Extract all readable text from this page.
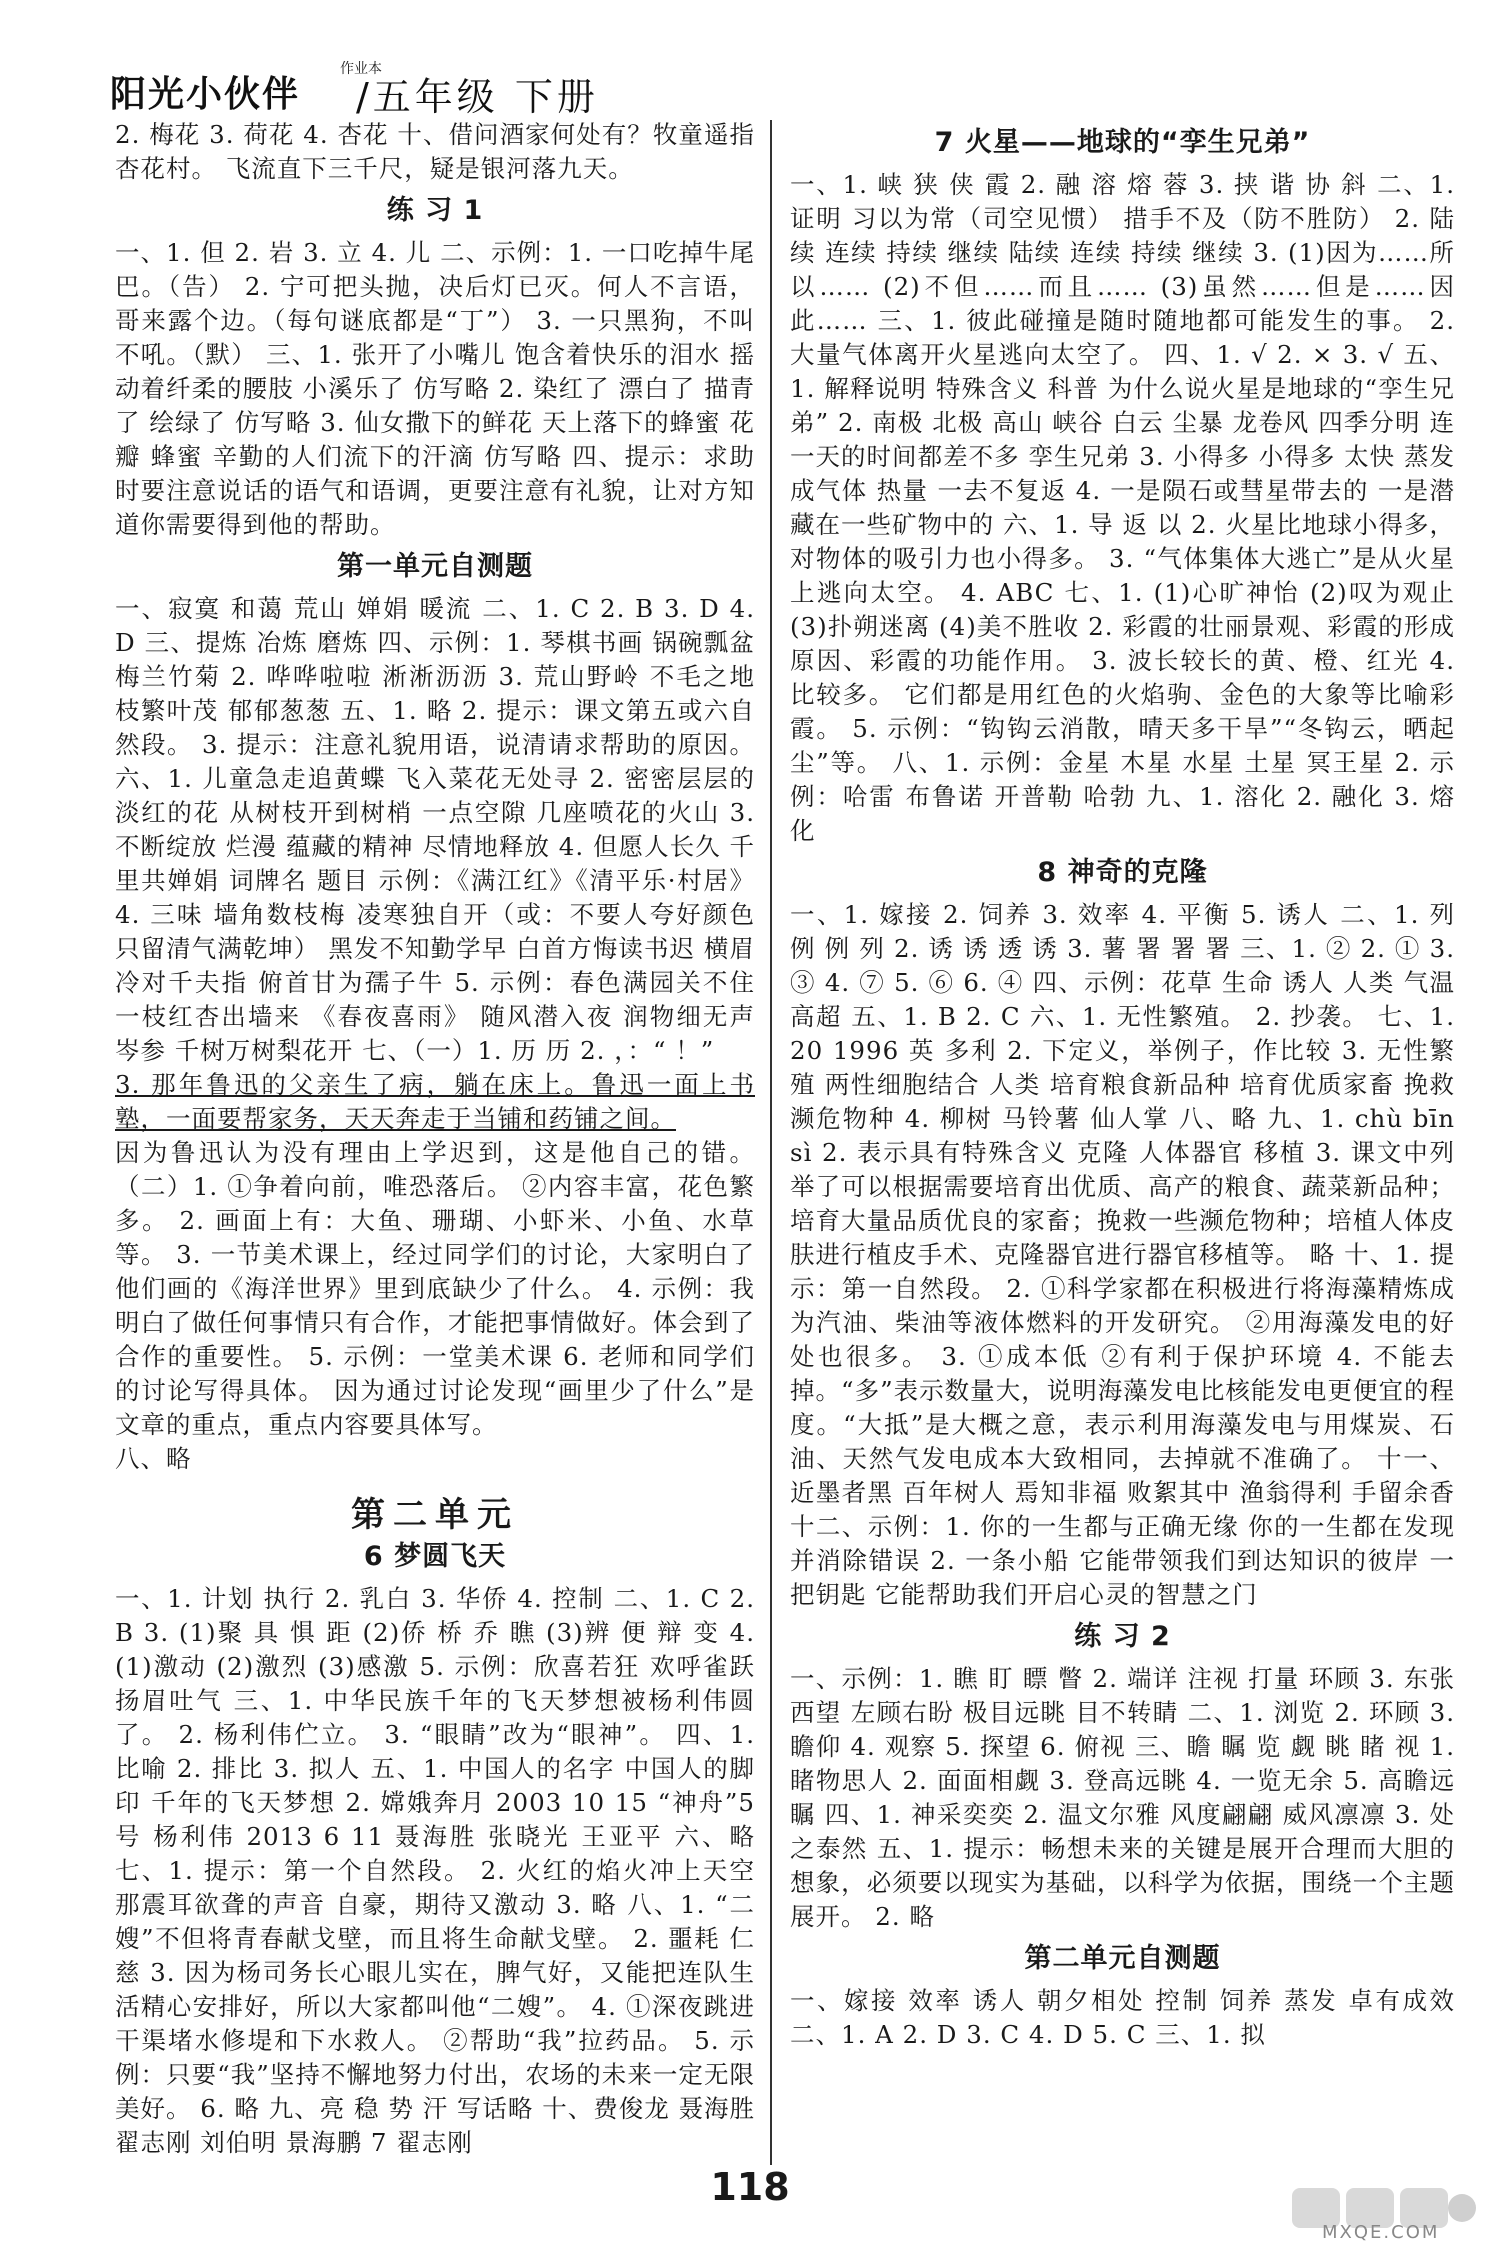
阳光小伙伴
作业本
/五年级 下册

2. 梅花 3. 荷花 4. 杏花 十、借问酒家何处有？牧童遥指杏花村。 飞流直下三千尺，疑是银河落九天。

练 习 1

一、1. 但 2. 岩 3. 立 4. 儿 二、示例：1. 一口吃掉牛尾巴。（告） 2. 宁可把头抛，决后灯已灭。何人不言语，哥来露个边。（每句谜底都是“丁”） 3. 一只黑狗，不叫不吼。（默） 三、1. 张开了小嘴儿 饱含着快乐的泪水 摇动着纤柔的腰肢 小溪乐了 仿写略 2. 染红了 漂白了 描青了 绘绿了 仿写略 3. 仙女撒下的鲜花 天上落下的蜂蜜 花瓣 蜂蜜 辛勤的人们流下的汗滴 仿写略 四、提示：求助时要注意说话的语气和语调，更要注意有礼貌，让对方知道你需要得到他的帮助。

第一单元自测题

一、寂寞 和蔼 荒山 婵娟 暖流 二、1. C 2. B 3. D 4. D 三、提炼 冶炼 磨炼 四、示例：1. 琴棋书画 锅碗瓢盆 梅兰竹菊 2. 哗哗啦啦 淅淅沥沥 3. 荒山野岭 不毛之地 枝繁叶茂 郁郁葱葱 五、1. 略 2. 提示：课文第五或六自然段。 3. 提示：注意礼貌用语，说清请求帮助的原因。 六、1. 儿童急走追黄蝶 飞入菜花无处寻 2. 密密层层的淡红的花 从树枝开到树梢 一点空隙 几座喷花的火山 3. 不断绽放 烂漫 蕴藏的精神 尽情地释放 4. 但愿人长久 千里共婵娟 词牌名 题目 示例：《满江红》《清平乐·村居》 4. 三味 墙角数枝梅 凌寒独自开（或：不要人夸好颜色 只留清气满乾坤） 黑发不知勤学早 白首方悔读书迟 横眉冷对千夫指 俯首甘为孺子牛 5. 示例：春色满园关不住 一枝红杏出墙来 《春夜喜雨》 随风潜入夜 润物细无声 岑参 千树万树梨花开 七、（一）1. 历 历 2. ，：“ ！”

3. 那年鲁迅的父亲生了病，躺在床上。鲁迅一面上书塾，一面要帮家务，天天奔走于当铺和药铺之间。

因为鲁迅认为没有理由上学迟到，这是他自己的错。 （二）1. ①争着向前，唯恐落后。 ②内容丰富，花色繁多。 2. 画面上有：大鱼、珊瑚、小虾米、小鱼、水草等。 3. 一节美术课上，经过同学们的讨论，大家明白了他们画的《海洋世界》里到底缺少了什么。 4. 示例：我明白了做任何事情只有合作，才能把事情做好。体会到了合作的重要性。 5. 示例：一堂美术课 6. 老师和同学们的讨论写得具体。 因为通过讨论发现“画里少了什么”是文章的重点，重点内容要具体写。

八、略

第二单元
6 梦圆飞天

一、1. 计划 执行 2. 乳白 3. 华侨 4. 控制 二、1. C 2. B 3. (1)聚 具 惧 距 (2)侨 桥 乔 瞧 (3)辨 便 辩 变 4. (1)激动 (2)激烈 (3)感激 5. 示例：欣喜若狂 欢呼雀跃 扬眉吐气 三、1. 中华民族千年的飞天梦想被杨利伟圆了。 2. 杨利伟伫立。 3. “眼睛”改为“眼神”。 四、1. 比喻 2. 排比 3. 拟人 五、1. 中国人的名字 中国人的脚印 千年的飞天梦想 2. 嫦娥奔月 2003 10 15 “神舟”5号 杨利伟 2013 6 11 聂海胜 张晓光 王亚平 六、略 七、1. 提示：第一个自然段。 2. 火红的焰火冲上天空 那震耳欲聋的声音 自豪，期待又激动 3. 略 八、1. “二嫂”不但将青春献戈壁，而且将生命献戈壁。 2. 噩耗 仁慈 3. 因为杨司务长心眼儿实在，脾气好，又能把连队生活精心安排好，所以大家都叫他“二嫂”。 4. ①深夜跳进干渠堵水修堤和下水救人。 ②帮助“我”拉药品。 5. 示例：只要“我”坚持不懈地努力付出，农场的未来一定无限美好。 6. 略 九、亮 稳 势 汗 写话略 十、费俊龙 聂海胜 翟志刚 刘伯明 景海鹏 7 翟志刚

7 火星——地球的“孪生兄弟”

一、1. 峡 狭 侠 霞 2. 融 溶 熔 蓉 3. 挟 谐 协 斜 二、1. 证明 习以为常（司空见惯） 措手不及（防不胜防） 2. 陆续 连续 持续 继续 陆续 连续 持续 继续 3. (1)因为……所以…… (2)不但……而且…… (3)虽然……但是……因此…… 三、1. 彼此碰撞是随时随地都可能发生的事。 2. 大量气体离开火星逃向太空了。 四、1. √ 2. × 3. √ 五、1. 解释说明 特殊含义 科普 为什么说火星是地球的“孪生兄弟” 2. 南极 北极 高山 峡谷 白云 尘暴 龙卷风 四季分明 连一天的时间都差不多 孪生兄弟 3. 小得多 小得多 太快 蒸发成气体 热量 一去不复返 4. 一是陨石或彗星带去的 一是潜藏在一些矿物中的 六、1. 导 返 以 2. 火星比地球小得多，对物体的吸引力也小得多。 3. “气体集体大逃亡”是从火星上逃向太空。 4. ABC 七、1. (1)心旷神怡 (2)叹为观止 (3)扑朔迷离 (4)美不胜收 2. 彩霞的壮丽景观、彩霞的形成原因、彩霞的功能作用。 3. 波长较长的黄、橙、红光 4. 比较多。 它们都是用红色的火焰驹、金色的大象等比喻彩霞。 5. 示例：“钩钩云消散，晴天多干旱”“冬钩云，晒起尘”等。 八、1. 示例：金星 木星 水星 土星 冥王星 2. 示例：哈雷 布鲁诺 开普勒 哈勃 九、1. 溶化 2. 融化 3. 熔化

8 神奇的克隆

一、1. 嫁接 2. 饲养 3. 效率 4. 平衡 5. 诱人 二、1. 列 例 例 列 2. 诱 诱 透 诱 3. 薯 署 署 署 三、1. ② 2. ① 3. ③ 4. ⑦ 5. ⑥ 6. ④ 四、示例：花草 生命 诱人 人类 气温 高超 五、1. B 2. C 六、1. 无性繁殖。 2. 抄袭。 七、1. 20 1996 英 多利 2. 下定义，举例子，作比较 3. 无性繁殖 两性细胞结合 人类 培育粮食新品种 培育优质家畜 挽救濒危物种 4. 柳树 马铃薯 仙人掌 八、略 九、1. chù bīn sì 2. 表示具有特殊含义 克隆 人体器官 移植 3. 课文中列举了可以根据需要培育出优质、高产的粮食、蔬菜新品种；培育大量品质优良的家畜；挽救一些濒危物种；培植人体皮肤进行植皮手术、克隆器官进行器官移植等。 略 十、1. 提示：第一自然段。 2. ①科学家都在积极进行将海藻精炼成为汽油、柴油等液体燃料的开发研究。 ②用海藻发电的好处也很多。 3. ①成本低 ②有利于保护环境 4. 不能去掉。“多”表示数量大，说明海藻发电比核能发电更便宜的程度。“大抵”是大概之意，表示利用海藻发电与用煤炭、石油、天然气发电成本大致相同，去掉就不准确了。 十一、近墨者黑 百年树人 焉知非福 败絮其中 渔翁得利 手留余香 十二、示例：1. 你的一生都与正确无缘 你的一生都在发现并消除错误 2. 一条小船 它能带领我们到达知识的彼岸 一把钥匙 它能帮助我们开启心灵的智慧之门

练 习 2

一、示例：1. 瞧 盯 瞟 瞥 2. 端详 注视 打量 环顾 3. 东张西望 左顾右盼 极目远眺 目不转睛 二、1. 浏览 2. 环顾 3. 瞻仰 4. 观察 5. 探望 6. 俯视 三、瞻 瞩 览 觑 眺 睹 视 1. 睹物思人 2. 面面相觑 3. 登高远眺 4. 一览无余 5. 高瞻远瞩 四、1. 神采奕奕 2. 温文尔雅 风度翩翩 威风凛凛 3. 处之泰然 五、1. 提示：畅想未来的关键是展开合理而大胆的想象，必须要以现实为基础，以科学为依据，围绕一个主题展开。 2. 略

第二单元自测题

一、嫁接 效率 诱人 朝夕相处 控制 饲养 蒸发 卓有成效 二、1. A 2. D 3. C 4. D 5. C 三、1. 拟

118
MXQE.COM
